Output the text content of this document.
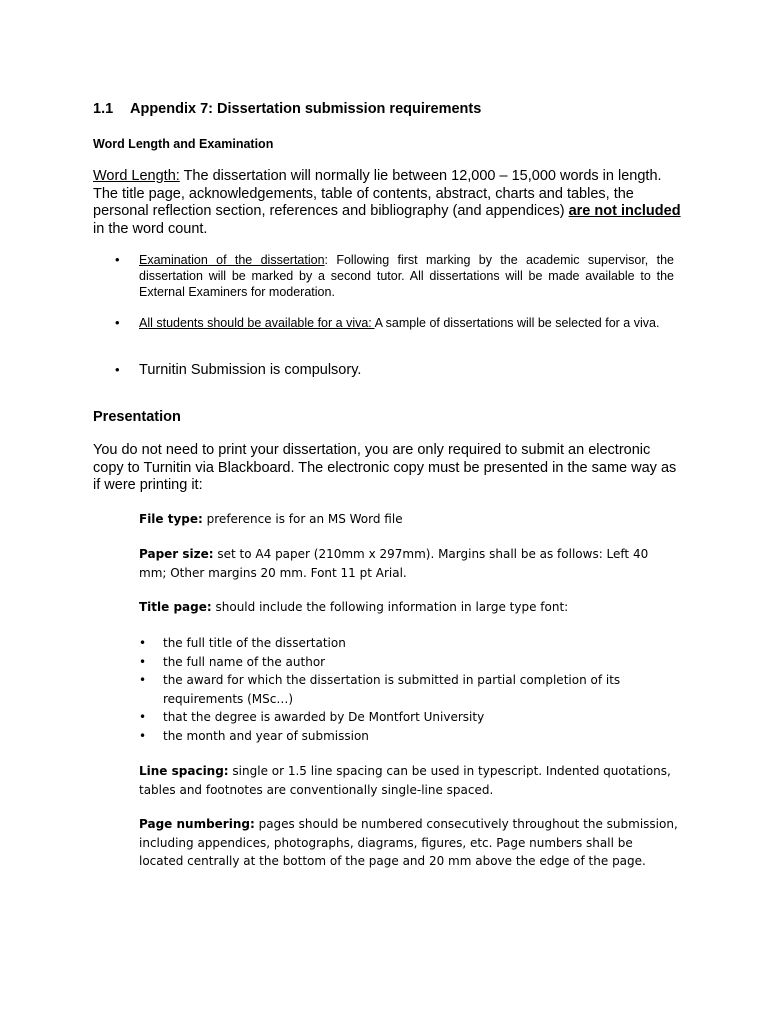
1.1 Appendix 7: Dissertation submission requirements
Word Length and Examination
Word Length: The dissertation will normally lie between 12,000 – 15,000 words in length. The title page, acknowledgements, table of contents, abstract, charts and tables, the personal reflection section, references and bibliography (and appendices) are not included in the word count.
• Examination of the dissertation: Following first marking by the academic supervisor, the dissertation will be marked by a second tutor. All dissertations will be made available to the External Examiners for moderation.
• All students should be available for a viva: A sample of dissertations will be selected for a viva.
• Turnitin Submission is compulsory.
Presentation
You do not need to print your dissertation, you are only required to submit an electronic copy to Turnitin via Blackboard. The electronic copy must be presented in the same way as if were printing it:
File type: preference is for an MS Word file
Paper size: set to A4 paper (210mm x 297mm). Margins shall be as follows: Left 40 mm; Other margins 20 mm. Font 11 pt Arial.
Title page: should include the following information in large type font:
• the full title of the dissertation
• the full name of the author
• the award for which the dissertation is submitted in partial completion of its requirements (MSc…)
• that the degree is awarded by De Montfort University
• the month and year of submission
Line spacing: single or 1.5 line spacing can be used in typescript. Indented quotations, tables and footnotes are conventionally single-line spaced.
Page numbering: pages should be numbered consecutively throughout the submission, including appendices, photographs, diagrams, figures, etc. Page numbers shall be located centrally at the bottom of the page and 20 mm above the edge of the page.
